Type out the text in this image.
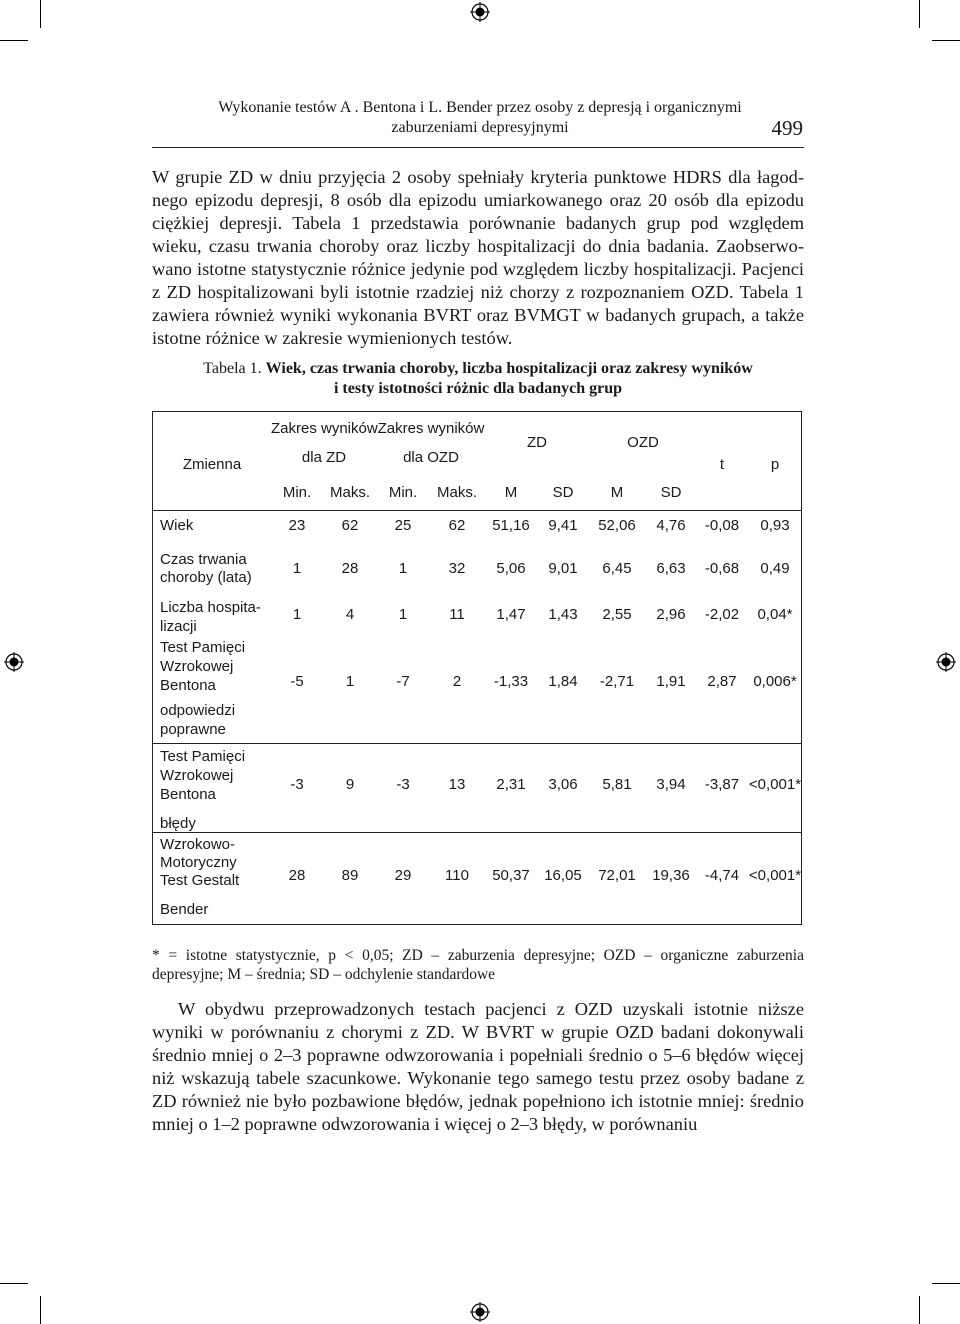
Wykonanie testów A . Bentona i L. Bender przez osoby z depresją i organicznymi
zaburzeniami depresyjnymi	499
W grupie ZD w dniu przyjęcia 2 osoby spełniały kryteria punktowe HDRS dla łagod-
nego epizodu depresji, 8 osób dla epizodu umiarkowanego oraz 20 osób dla epizodu
ciężkiej depresji. Tabela 1 przedstawia porównanie badanych grup pod względem
wieku, czasu trwania choroby oraz liczby hospitalizacji do dnia badania. Zaobserwo-
wano istotne statystycznie różnice jedynie pod względem liczby hospitalizacji. Pacjenci
z ZD hospitalizowani byli istotnie rzadziej niż chorzy z rozpoznaniem OZD. Tabela 1
zawiera również wyniki wykonania BVRT oraz BVMGT w badanych grupach, a także
istotne różnice w zakresie wymienionych testów.
Tabela 1. Wiek, czas trwania choroby, liczba hospitalizacji oraz zakresy wyników
i testy istotności różnic dla badanych grup
Zmienna
Zakres wyników
dla ZD
Zakres wyników
dla OZD
ZD	OZD
t	p
Min.	Maks.	Min.	Maks.	M	SD	M	SD
Wiek	23	62	25	62	51,16	9,41	52,06	4,76	-0,08	0,93
Czas trwania
choroby (lata)
1	28	1	32	5,06	9,01	6,45	6,63	-0,68	0,49
Liczba hospita-
lizacji
1	4	1	11	1,47	1,43	2,55	2,96	-2,02	0,04*
Test Pamięci
Wzrokowej
Bentona
odpowiedzi
poprawne
-5	1	-7	2	-1,33	1,84	-2,71	1,91	2,87	0,006*
Test Pamięci
Wzrokowej
Bentona
błędy
-3	9	-3	13	2,31	3,06	5,81	3,94	-3,87 <0,001*
Wzrokowo-
Motoryczny
Test Gestalt
Bender
28	89	29	110	50,37 16,05	72,01	19,36	-4,74 <0,001*
* = istotne statystycznie, p < 0,05; ZD – zaburzenia depresyjne; OZD – organiczne zaburzenia depresyjne; M – średnia; SD – odchylenie standardowe
W obydwu przeprowadzonych testach pacjenci z OZD uzyskali istotnie niższe wyniki w porównaniu z chorymi z ZD. W BVRT w grupie OZD badani dokonywali średnio mniej o 2–3 poprawne odwzorowania i popełniali średnio o 5–6 błędów więcej niż wskazują tabele szacunkowe. Wykonanie tego samego testu przez osoby badane z ZD również nie było pozbawione błędów, jednak popełniono ich istotnie mniej: średnio mniej o 1–2 poprawne odwzorowania i więcej o 2–3 błędy, w porównaniu
